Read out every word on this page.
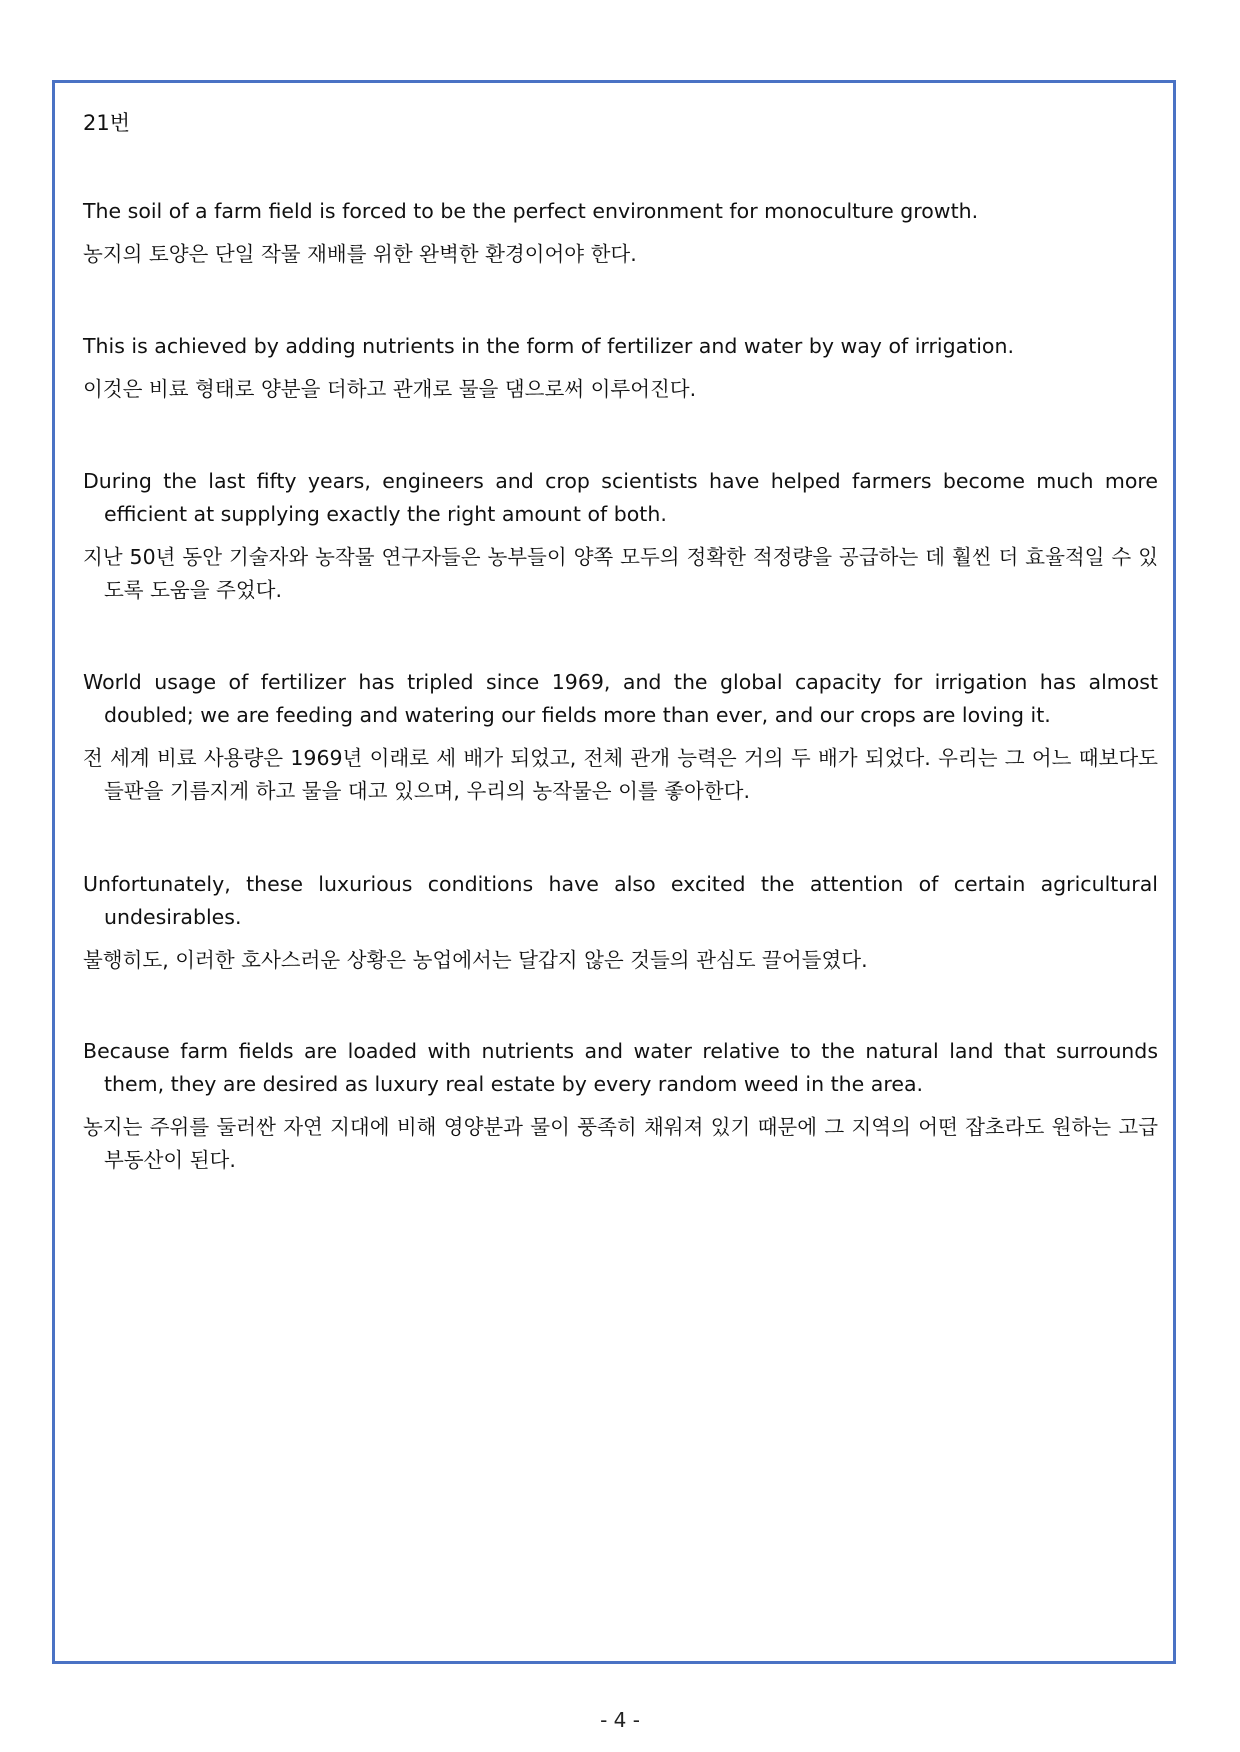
21번

The soil of a farm field is forced to be the perfect environment for monoculture growth.

농지의 토양은 단일 작물 재배를 위한 완벽한 환경이어야 한다.

This is achieved by adding nutrients in the form of fertilizer and water by way of irrigation.

이것은 비료 형태로 양분을 더하고 관개로 물을 댐으로써 이루어진다.

During the last fifty years, engineers and crop scientists have helped farmers become much more efficient at supplying exactly the right amount of both.

지난 50년 동안 기술자와 농작물 연구자들은 농부들이 양쪽 모두의 정확한 적정량을 공급하는 데 훨씬 더 효율적일 수 있도록 도움을 주었다.

World usage of fertilizer has tripled since 1969, and the global capacity for irrigation has almost doubled; we are feeding and watering our fields more than ever, and our crops are loving it.

전 세계 비료 사용량은 1969년 이래로 세 배가 되었고, 전체 관개 능력은 거의 두 배가 되었다. 우리는 그 어느 때보다도 들판을 기름지게 하고 물을 대고 있으며, 우리의 농작물은 이를 좋아한다.

Unfortunately, these luxurious conditions have also excited the attention of certain agricultural undesirables.

불행히도, 이러한 호사스러운 상황은 농업에서는 달갑지 않은 것들의 관심도 끌어들였다.

Because farm fields are loaded with nutrients and water relative to the natural land that surrounds them, they are desired as luxury real estate by every random weed in the area.

농지는 주위를 둘러싼 자연 지대에 비해 영양분과 물이 풍족히 채워져 있기 때문에 그 지역의 어떤 잡초라도 원하는 고급 부동산이 된다.

- 4 -
